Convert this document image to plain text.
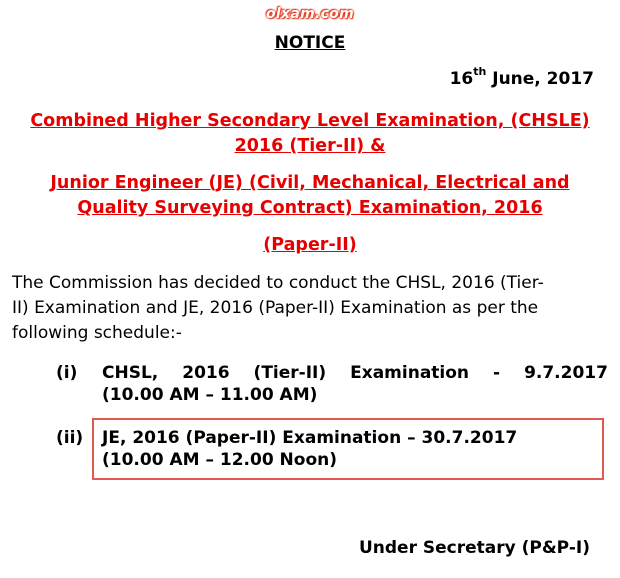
olxam.com
NOTICE
16th June, 2017
Combined Higher Secondary Level Examination, (CHSLE)
2016 (Tier-II) &
Junior Engineer (JE) (Civil, Mechanical, Electrical and
Quality Surveying Contract) Examination, 2016
(Paper-II)
The Commission has decided to conduct the CHSL, 2016 (Tier-
II) Examination and JE, 2016 (Paper-II) Examination as per the
following schedule:-
(i)	CHSL, 2016 (Tier-II) Examination - 9.7.2017
(10.00 AM – 11.00 AM)
(ii) JE, 2016 (Paper-II) Examination – 30.7.2017
(10.00 AM – 12.00 Noon)
Under Secretary (P&P-I)
